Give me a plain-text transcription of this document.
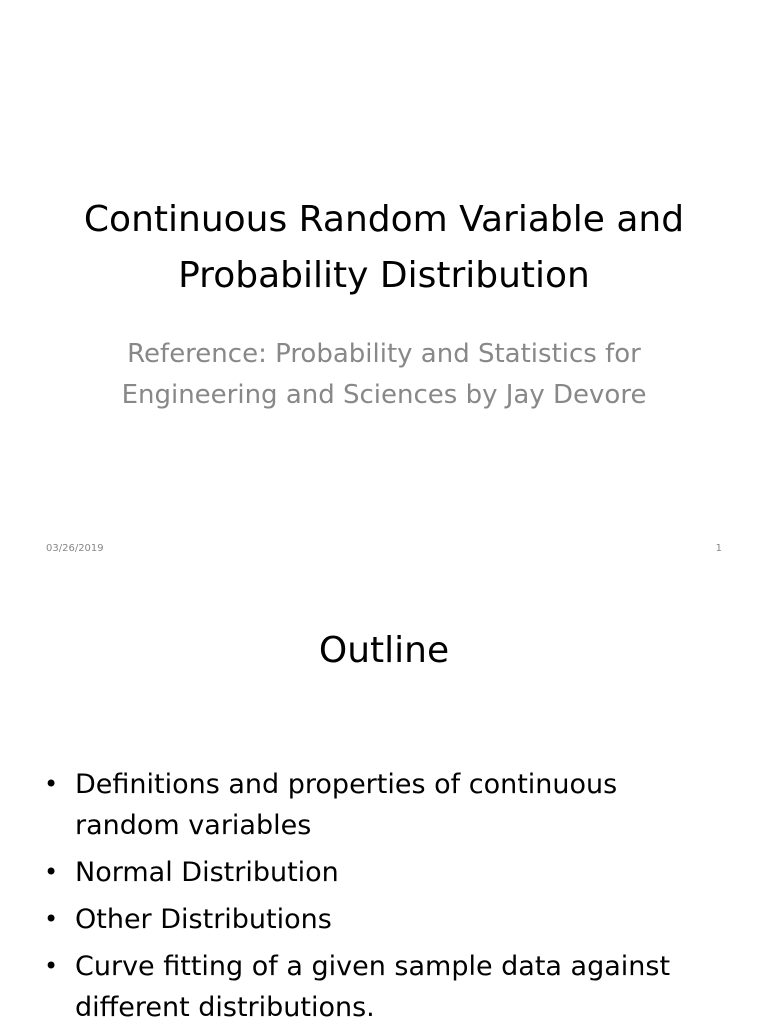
Continuous Random Variable and Probability Distribution
Reference: Probability and Statistics for Engineering and Sciences by Jay Devore
03/26/2019	1
Outline
• Definitions and properties of continuous random variables
• Normal Distribution
• Other Distributions
• Curve fitting of a given sample data against different distributions.
